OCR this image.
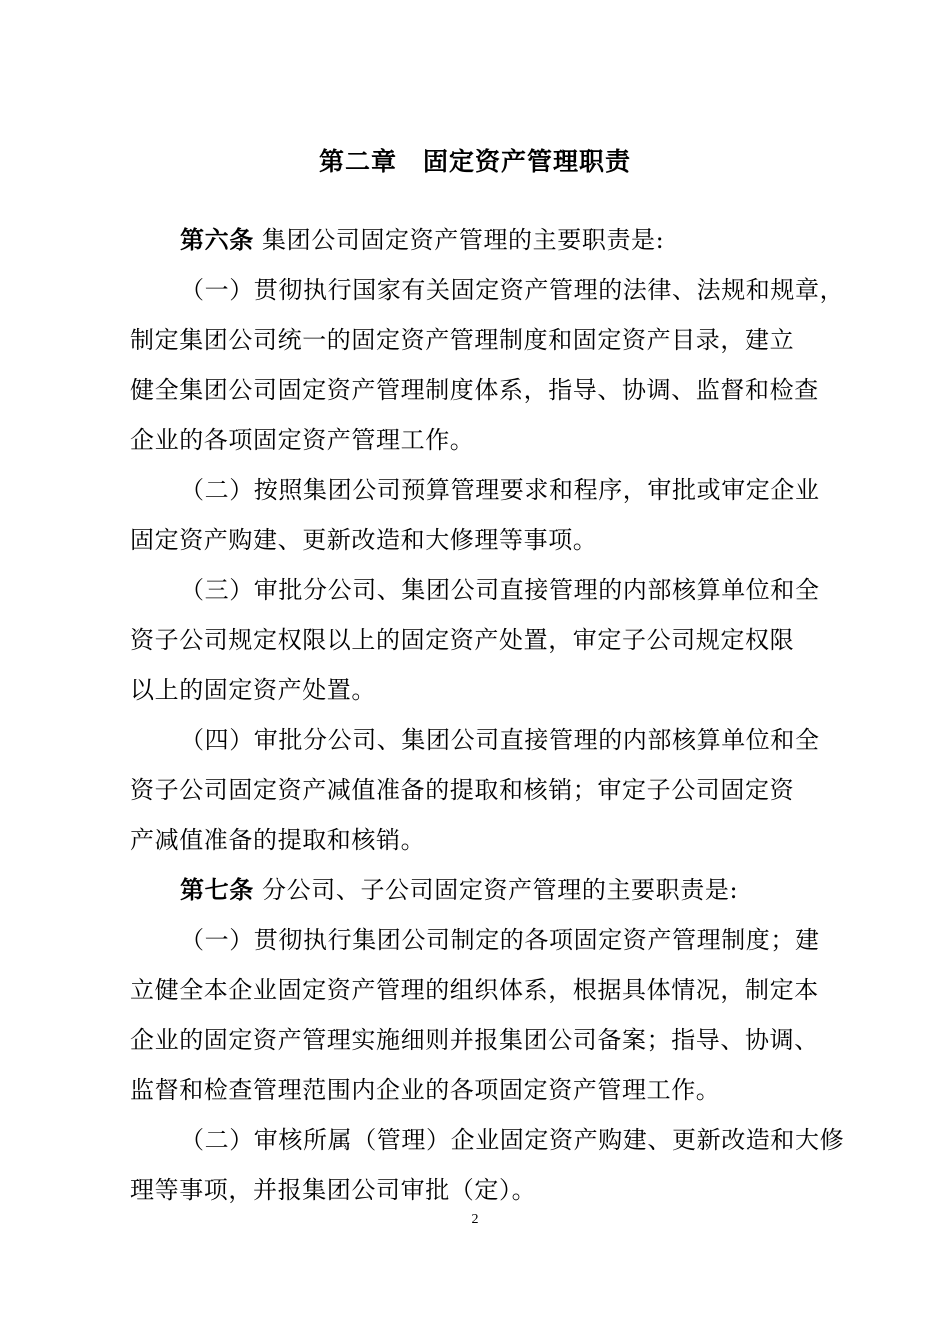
第二章　固定资产管理职责
第六条 集团公司固定资产管理的主要职责是:
（一）贯彻执行国家有关固定资产管理的法律、法规和规章，
制定集团公司统一的固定资产管理制度和固定资产目录，建立
健全集团公司固定资产管理制度体系，指导、协调、监督和检查
企业的各项固定资产管理工作。
（二）按照集团公司预算管理要求和程序，审批或审定企业
固定资产购建、更新改造和大修理等事项。
（三）审批分公司、集团公司直接管理的内部核算单位和全
资子公司规定权限以上的固定资产处置，审定子公司规定权限
以上的固定资产处置。
（四）审批分公司、集团公司直接管理的内部核算单位和全
资子公司固定资产减值准备的提取和核销；审定子公司固定资
产减值准备的提取和核销。
第七条 分公司、子公司固定资产管理的主要职责是:
（一）贯彻执行集团公司制定的各项固定资产管理制度；建
立健全本企业固定资产管理的组织体系，根据具体情况，制定本
企业的固定资产管理实施细则并报集团公司备案；指导、协调、
监督和检查管理范围内企业的各项固定资产管理工作。
（二）审核所属（管理）企业固定资产购建、更新改造和大修
理等事项，并报集团公司审批（定）。
2
